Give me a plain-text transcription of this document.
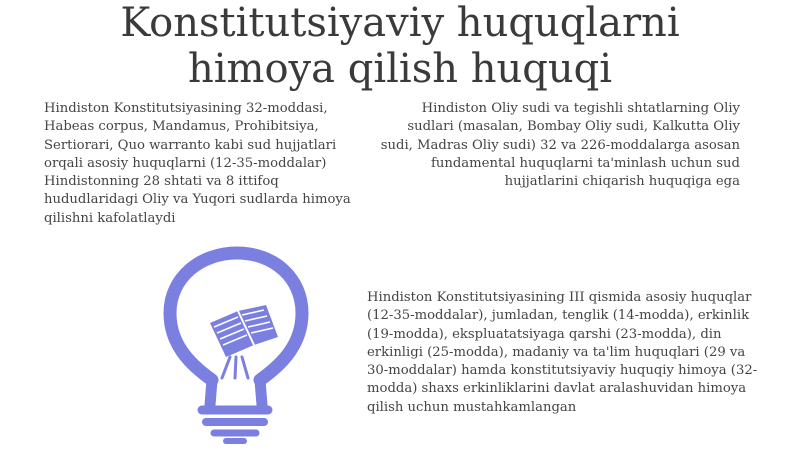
Konstitutsiyaviy huquqlarni
himoya qilish huquqi

Hindiston Konstitutsiyasining 32-moddasi, Habeas corpus, Mandamus, Prohibitsiya, Sertiorari, Quo warranto kabi sud hujjatlari orqali asosiy huquqlarni (12-35-moddalar) Hindistonning 28 shtati va 8 ittifoq hududlaridagi Oliy va Yuqori sudlarda himoya qilishni kafolatlaydi

Hindiston Oliy sudi va tegishli shtatlarning Oliy sudlari (masalan, Bombay Oliy sudi, Kalkutta Oliy sudi, Madras Oliy sudi) 32 va 226-moddalarga asosan fundamental huquqlarni ta'minlash uchun sud hujjatlarini chiqarish huquqiga ega

Hindiston Konstitutsiyasining III qismida asosiy huquqlar (12-35-moddalar), jumladan, tenglik (14-modda), erkinlik (19-modda), ekspluatatsiyaga qarshi (23-modda), din erkinligi (25-modda), madaniy va ta'lim huquqlari (29 va 30-moddalar) hamda konstitutsiyaviy huquqiy himoya (32-modda) shaxs erkinliklarini davlat aralashuvidan himoya qilish uchun mustahkamlangan
